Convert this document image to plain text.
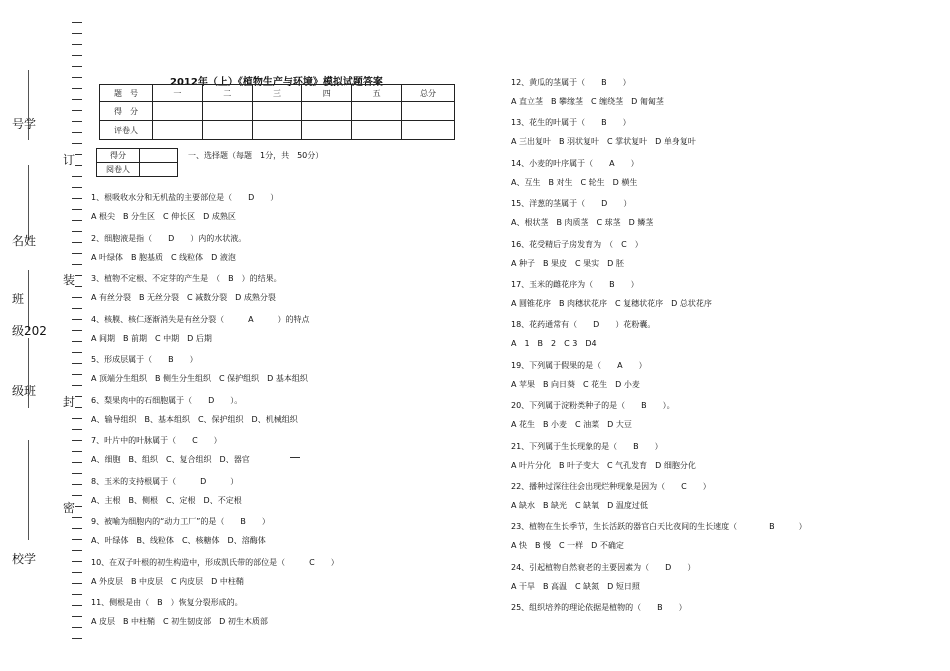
订
装
封
密
号学
名姓
班
级202
级班
校学
2012年（上）《植物生产与环境》模拟试题答案
题　号	一	二	三	四	五	总分
得　分						
评卷人						
得分	
阅卷人	
一、选择题（每题　1分，共　50分）
1、根吸收水分和无机盐的主要部位是（　　D　　）
A 根尖　B 分生区　C 伸长区　D 成熟区
2、细胞液是指（　　D　　）内的水状液。
A 叶绿体　B 胞基质　C 线粒体　D 液泡
3、植物不定根、不定芽的产生是　（　B　）的结果。
A 有丝分裂　B 无丝分裂　C 减数分裂　D 成熟分裂
4、核膜、核仁逐渐消失是有丝分裂（　　　A　　　）的特点
A 间期　B 前期　C 中期　D 后期
5、形成层属于（　　B　　）
A 顶端分生组织　B 侧生分生组织　C 保护组织　D 基本组织
6、梨果肉中的石细胞属于（　　D　　）。
A、输导组织　B、基本组织　C、保护组织　D、机械组织
7、叶片中的叶脉属于（　　C　　）
A、细胞　B、组织　C、复合组织　D、器官
8、玉米的支持根属于（　　　D　　　）
A、主根　B、侧根　C、定根　D、不定根
9、被喻为细胞内的“动力工厂”的是（　　B　　）
A、叶绿体　B、线粒体　C、核糖体　D、溶酶体
10、在双子叶根的初生构造中，形成凯氏带的部位是（　　　C　　）
A 外皮层　B 中皮层　C 内皮层　D 中柱鞘
11、侧根是由（　B　）恢复分裂形成的。
A 皮层　B 中柱鞘　C 初生韧皮部　D 初生木质部
12、黄瓜的茎属于（　　B　　）
A 直立茎　B 攀缘茎　C 缠绕茎　D 匍匐茎
13、花生的叶属于（　　B　　）
A 三出复叶　B 羽状复叶　C 掌状复叶　D 单身复叶
14、小麦的叶序属于（　　A　　）
A、互生　B 对生　C 轮生　D 横生
15、洋葱的茎属于（　　D　　）
A、根状茎　B 肉质茎　C 球茎　D 鳞茎
16、花受精后子房发育为　（　C　）
A 种子　B 果皮　C 果实　D 胚
17、玉米的雌花序为（　　B　　）
A 圆锥花序　B 肉穗状花序　C 复穗状花序　D 总状花序
18、花药通常有（　　D　　）花粉囊。
A　1　B　2　C 3　D4
19、下列属于假果的是（　　A　　）
A 苹果　B 向日葵　C 花生　D 小麦
20、下列属于淀粉类种子的是（　　B　　）。
A 花生　B 小麦　C 油菜　D 大豆
21、下列属于生长现象的是（　　B　　）
A 叶片分化　B 叶子变大　C 气孔发育　D 细胞分化
22、播种过深往往会出现烂种现象是因为（　　C　　）
A 缺水　B 缺光　C 缺氧　D 温度过低
23、植物在生长季节，生长活跃的器官白天比夜间的生长速度（　　　　B　　　）
A 快　B 慢　C 一样　D 不确定
24、引起植物自然衰老的主要因素为（　　D　　）
A 干旱　B 高温　C 缺氮　D 短日照
25、组织培养的理论依据是植物的（　　B　　）
